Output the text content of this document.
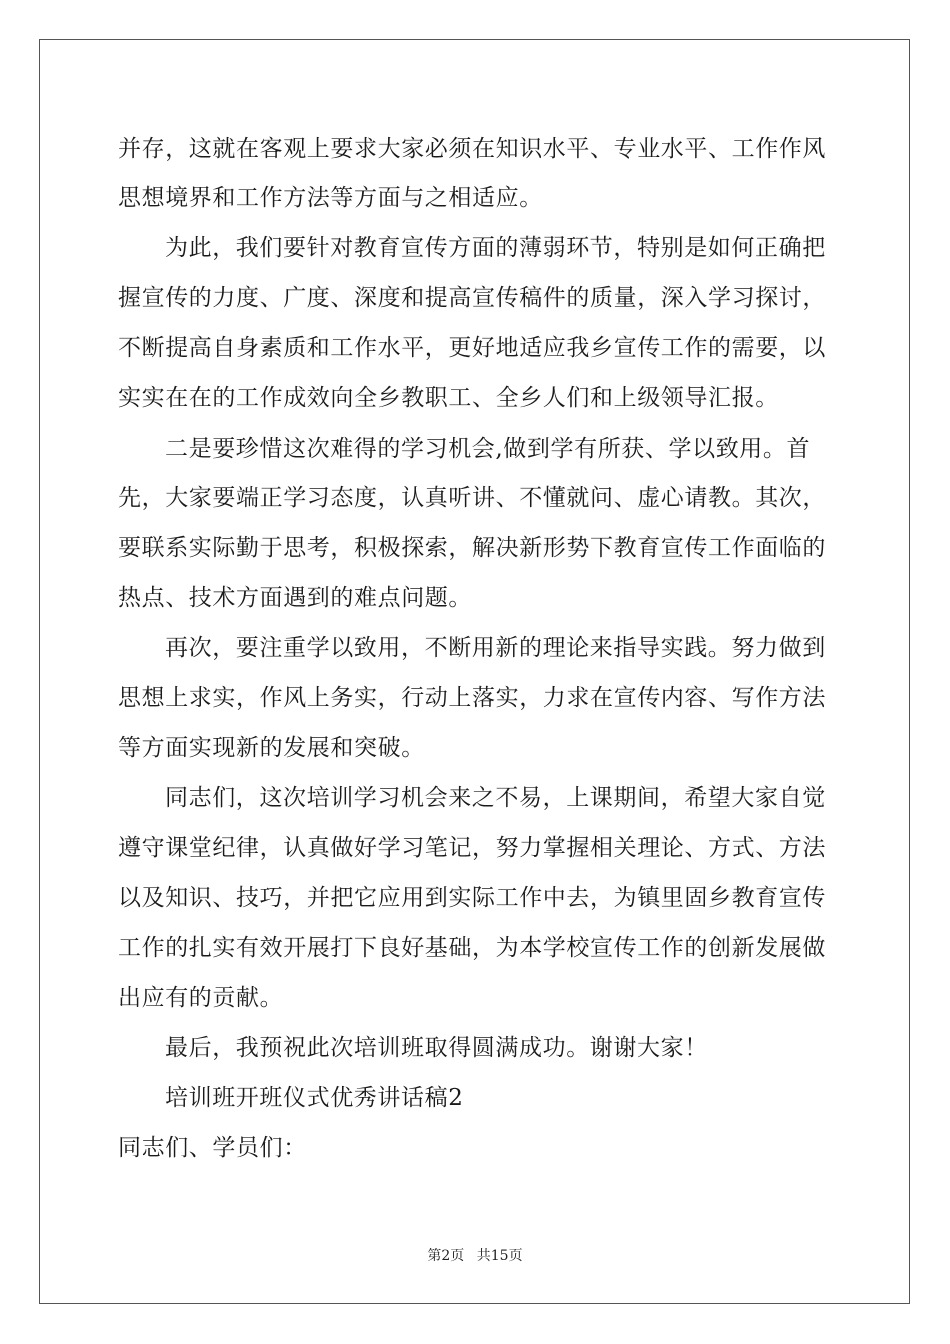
并存，这就在客观上要求大家必须在知识水平、专业水平、工作作风
思想境界和工作方法等方面与之相适应。
为此，我们要针对教育宣传方面的薄弱环节，特别是如何正确把
握宣传的力度、广度、深度和提高宣传稿件的质量，深入学习探讨，
不断提高自身素质和工作水平，更好地适应我乡宣传工作的需要，以
实实在在的工作成效向全乡教职工、全乡人们和上级领导汇报。
二是要珍惜这次难得的学习机会,做到学有所获、学以致用。首
先，大家要端正学习态度，认真听讲、不懂就问、虚心请教。其次，
要联系实际勤于思考，积极探索，解决新形势下教育宣传工作面临的
热点、技术方面遇到的难点问题。
再次，要注重学以致用，不断用新的理论来指导实践。努力做到
思想上求实，作风上务实，行动上落实，力求在宣传内容、写作方法
等方面实现新的发展和突破。
同志们，这次培训学习机会来之不易，上课期间，希望大家自觉
遵守课堂纪律，认真做好学习笔记，努力掌握相关理论、方式、方法
以及知识、技巧，并把它应用到实际工作中去，为镇里固乡教育宣传
工作的扎实有效开展打下良好基础，为本学校宣传工作的创新发展做
出应有的贡献。
最后，我预祝此次培训班取得圆满成功。谢谢大家！
培训班开班仪式优秀讲话稿2
同志们、学员们：
第2页 共15页
